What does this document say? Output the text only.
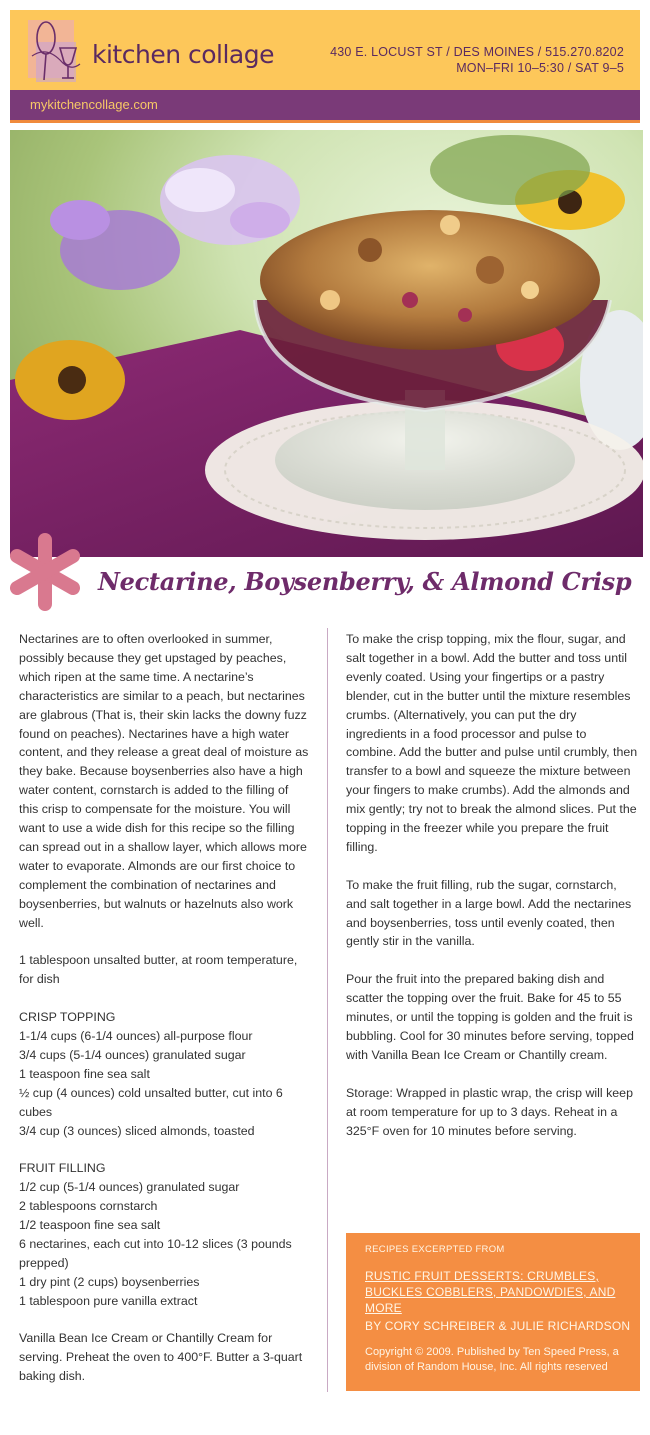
kitchen collage	430 E. LOCUST ST / DES MOINES / 515.270.8202
MON–FRI 10–5:30 / SAT 9–5
mykitchencollage.com
Nectarine, Boysenberry, & Almond Crisp

Nectarines are to often overlooked in summer, possibly because they get upstaged by peaches, which ripen at the same time. A nectarine’s characteristics are similar to a peach, but nectarines are glabrous (That is, their skin lacks the downy fuzz found on peaches). Nectarines have a high water content, and they release a great deal of moisture as they bake. Because boysenberries also have a high water content, cornstarch is added to the filling of this crisp to compensate for the moisture. You will want to use a wide dish for this recipe so the filling can spread out in a shallow layer, which allows more water to evaporate. Almonds are our first choice to complement the combination of nectarines and boysenberries, but walnuts or hazelnuts also work well.

1 tablespoon unsalted butter, at room temperature, for dish

CRISP TOPPING
1-1/4 cups (6-1/4 ounces) all-purpose flour
3/4 cups (5-1/4 ounces) granulated sugar
1 teaspoon fine sea salt
½ cup (4 ounces) cold unsalted butter, cut into 6 cubes
3/4 cup (3 ounces) sliced almonds, toasted

FRUIT FILLING
1/2 cup (5-1/4 ounces) granulated sugar
2 tablespoons cornstarch
1/2 teaspoon fine sea salt
6 nectarines, each cut into 10-12 slices (3 pounds prepped)
1 dry pint (2 cups) boysenberries
1 tablespoon pure vanilla extract

Vanilla Bean Ice Cream or Chantilly Cream for serving. Preheat the oven to 400°F. Butter a 3-quart baking dish.

To make the crisp topping, mix the flour, sugar, and salt together in a bowl. Add the butter and toss until evenly coated. Using your fingertips or a pastry blender, cut in the butter until the mixture resembles crumbs. (Alternatively, you can put the dry ingredients in a food processor and pulse to combine. Add the butter and pulse until crumbly, then transfer to a bowl and squeeze the mixture between your fingers to make crumbs). Add the almonds and mix gently; try not to break the almond slices. Put the topping in the freezer while you prepare the fruit filling.

To make the fruit filling, rub the sugar, cornstarch, and salt together in a large bowl. Add the nectarines and boysenberries, toss until evenly coated, then gently stir in the vanilla.

Pour the fruit into the prepared baking dish and scatter the topping over the fruit. Bake for 45 to 55 minutes, or until the topping is golden and the fruit is bubbling. Cool for 30 minutes before serving, topped with Vanilla Bean Ice Cream or Chantilly cream.

Storage: Wrapped in plastic wrap, the crisp will keep at room temperature for up to 3 days. Reheat in a 325°F oven for 10 minutes before serving.

RECIPES EXCERPTED FROM
RUSTIC FRUIT DESSERTS: CRUMBLES, BUCKLES COBBLERS, PANDOWDIES, AND MORE
BY CORY SCHREIBER & JULIE RICHARDSON
Copyright © 2009. Published by Ten Speed Press, a division of Random House, Inc. All rights reserved
